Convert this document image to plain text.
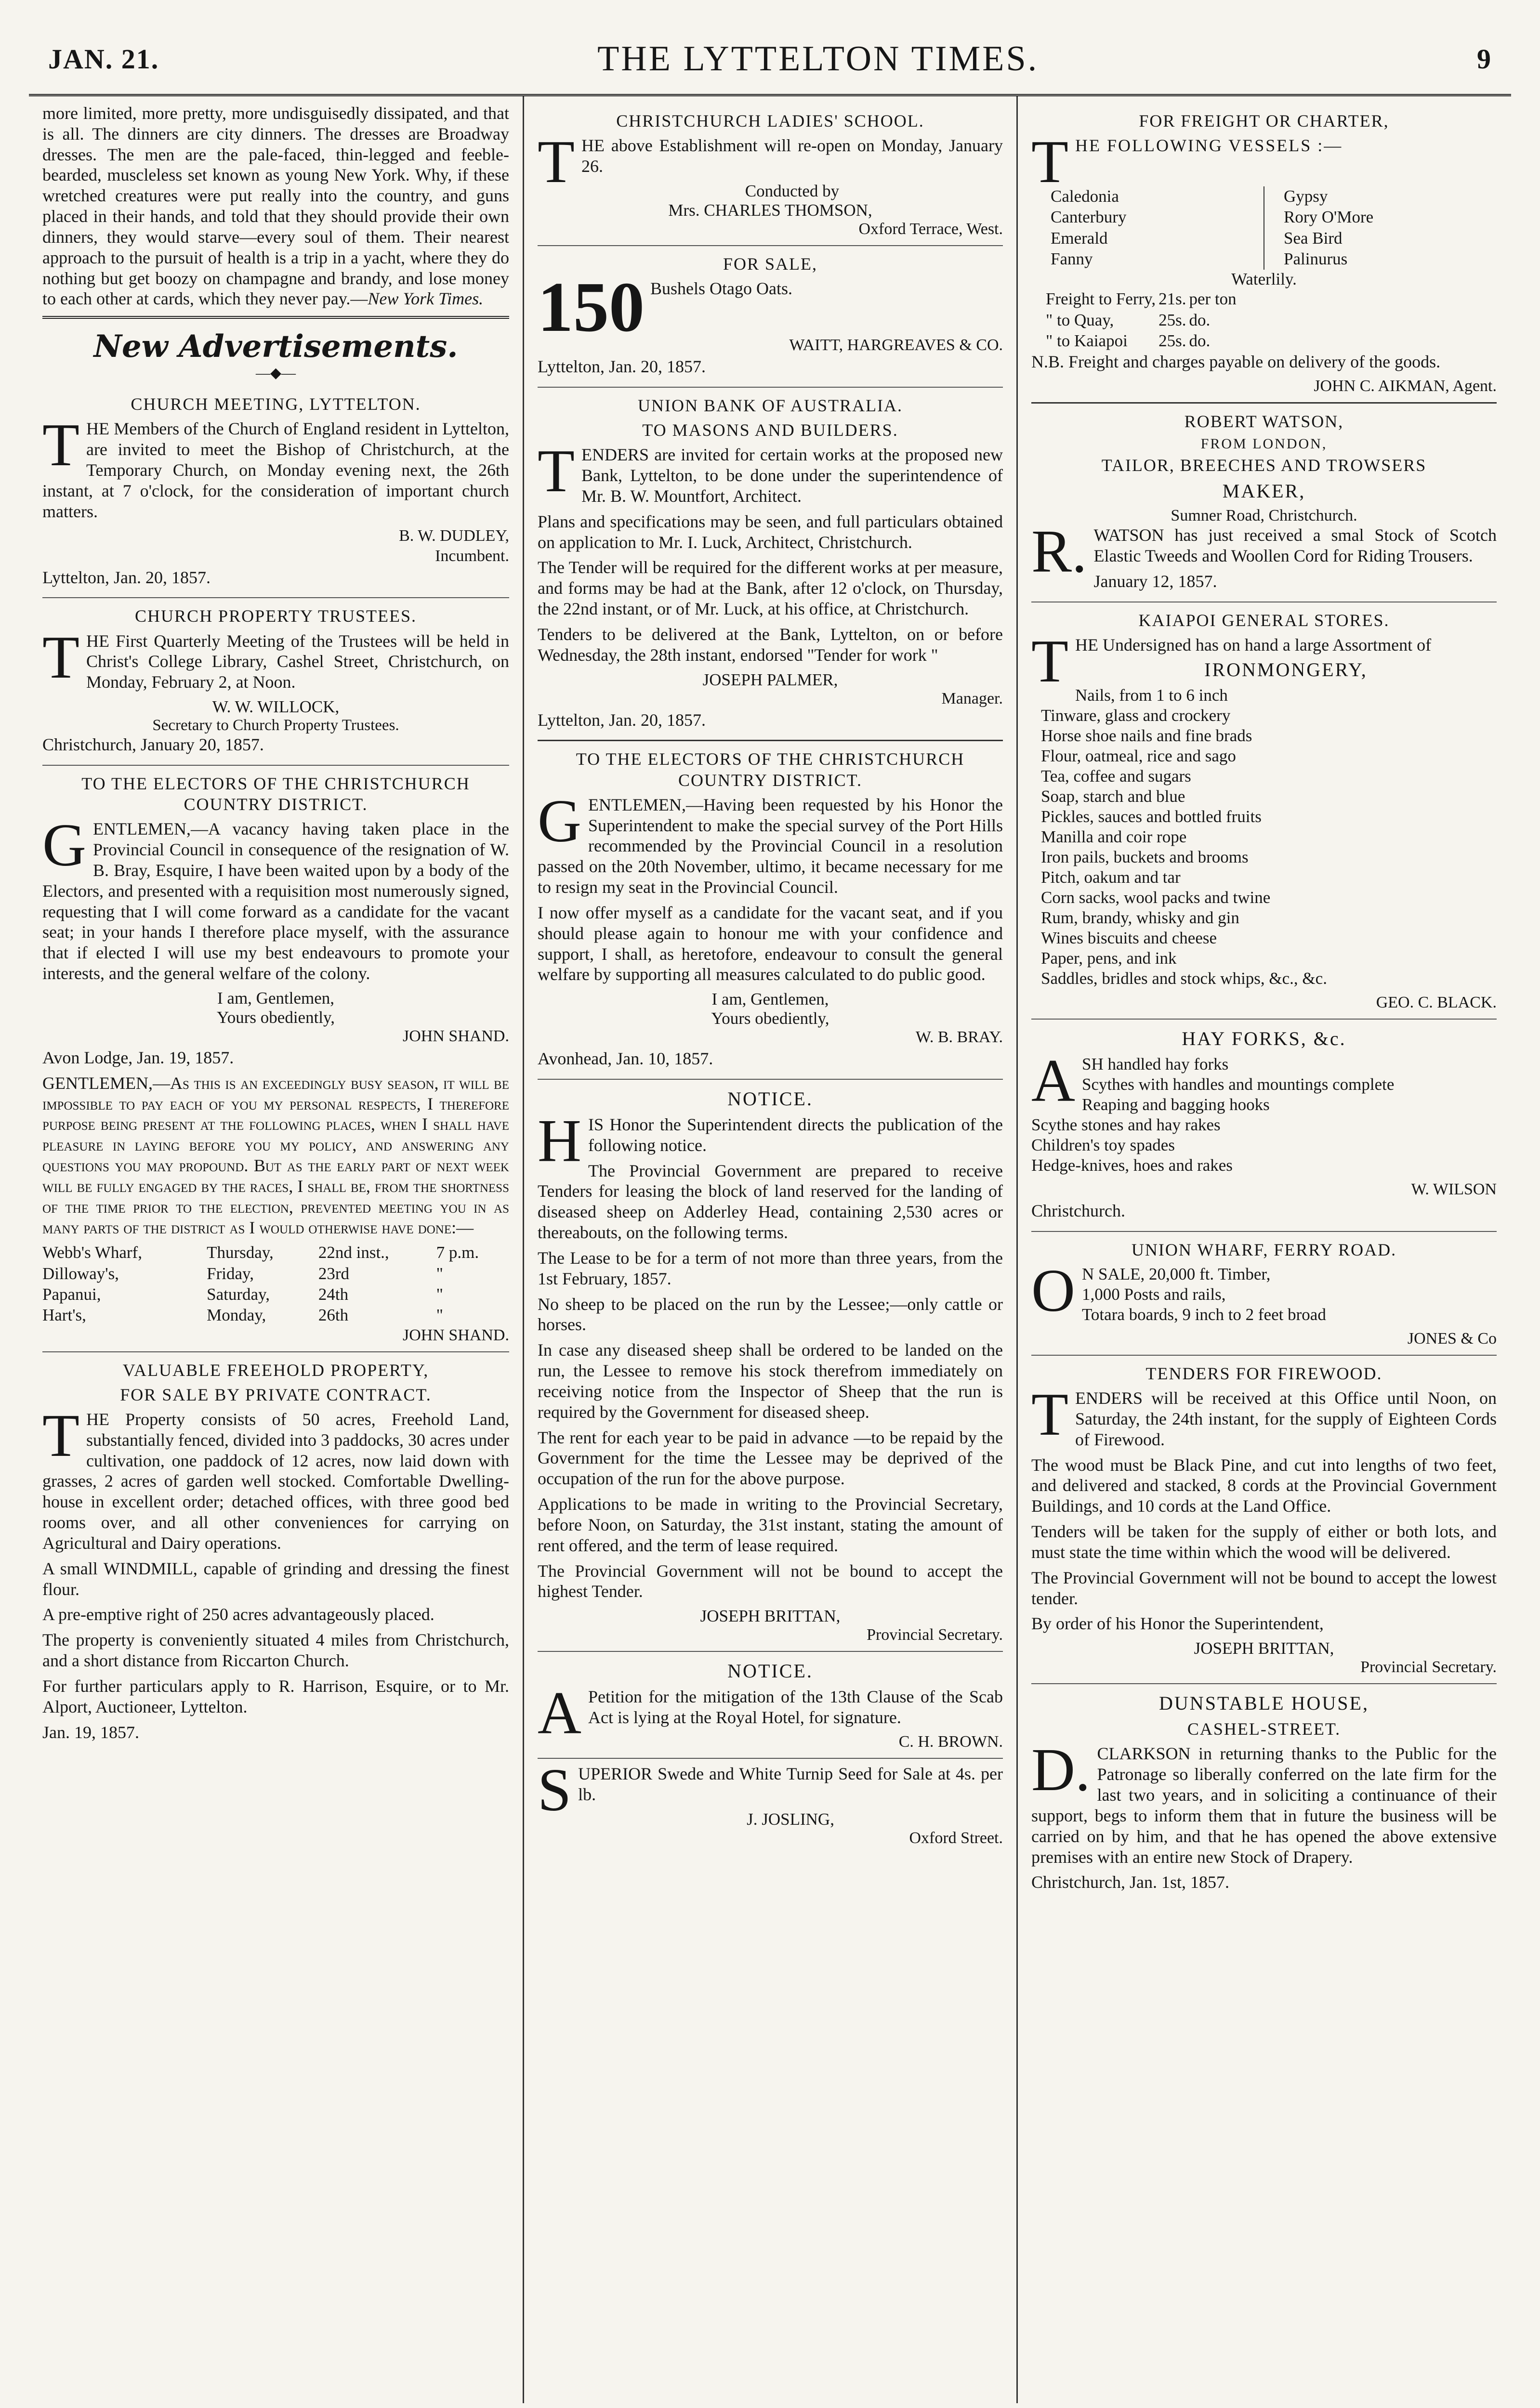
JAN. 21.	THE LYTTELTON TIMES.	9

more limited, more pretty, more undisguisedly dissipated, and that is all. The dinners are city dinners. The dresses are Broadway dresses. The men are the pale-faced, thin-legged and feeble-bearded, muscleless set known as young New York. Why, if these wretched creatures were put really into the country, and guns placed in their hands, and told that they should provide their own dinners, they would starve—every soul of them. Their nearest approach to the pursuit of health is a trip in a yacht, where they do nothing but get boozy on champagne and brandy, and lose money to each other at cards, which they never pay.—New York Times.

New Advertisements.
—◆—
CHURCH MEETING, LYTTELTON.

THE Members of the Church of England resident in Lyttelton, are invited to meet the Bishop of Christchurch, at the Temporary Church, on Monday evening next, the 26th instant, at 7 o'clock, for the consideration of important church matters.

B. W. DUDLEY,
Incumbent.

Lyttelton, Jan. 20, 1857.

CHURCH PROPERTY TRUSTEES.

THE First Quarterly Meeting of the Trustees will be held in Christ's College Library, Cashel Street, Christchurch, on Monday, February 2, at Noon.

W. W. WILLOCK,
Secretary to Church Property Trustees.

Christchurch, January 20, 1857.

TO THE ELECTORS OF THE CHRISTCHURCH COUNTRY DISTRICT.

GENTLEMEN,—A vacancy having taken place in the Provincial Council in consequence of the resignation of W. B. Bray, Esquire, I have been waited upon by a body of the Electors, and presented with a requisition most numerously signed, requesting that I will come forward as a candidate for the vacant seat; in your hands I therefore place myself, with the assurance that if elected I will use my best endeavours to promote your interests, and the general welfare of the colony.

I am, Gentlemen,
Yours obediently,
JOHN SHAND.

Avon Lodge, Jan. 19, 1857.

GENTLEMEN,—As this is an exceedingly busy season, it will be impossible to pay each of you my personal respects, I therefore purpose being present at the following places, when I shall have pleasure in laying before you my policy, and answering any questions you may propound. But as the early part of next week will be fully engaged by the races, I shall be, from the shortness of the time prior to the election, prevented meeting you in as many parts of the district as I would otherwise have done:—

Webb's Wharf,	Thursday,	22nd inst.,	7 p.m.
Dilloway's,	Friday,	23rd	"
Papanui,	Saturday,	24th	"
Hart's,	Monday,	26th	"
JOHN SHAND.
VALUABLE FREEHOLD PROPERTY,
FOR SALE BY PRIVATE CONTRACT.

THE Property consists of 50 acres, Freehold Land, substantially fenced, divided into 3 paddocks, 30 acres under cultivation, one paddock of 12 acres, now laid down with grasses, 2 acres of garden well stocked. Comfortable Dwelling-house in excellent order; detached offices, with three good bed rooms over, and all other conveniences for carrying on Agricultural and Dairy operations.

A small WINDMILL, capable of grinding and dressing the finest flour.

A pre-emptive right of 250 acres advantageously placed.

The property is conveniently situated 4 miles from Christchurch, and a short distance from Riccarton Church.

For further particulars apply to R. Harrison, Esquire, or to Mr. Alport, Auctioneer, Lyttelton.

Jan. 19, 1857.

CHRISTCHURCH LADIES' SCHOOL.

THE above Establishment will re-open on Monday, January 26.

Conducted by
Mrs. CHARLES THOMSON,
Oxford Terrace, West.
FOR SALE,

150 Bushels Otago Oats.

WAITT, HARGREAVES & CO.

Lyttelton, Jan. 20, 1857.

UNION BANK OF AUSTRALIA.
TO MASONS AND BUILDERS.

TENDERS are invited for certain works at the proposed new Bank, Lyttelton, to be done under the superintendence of Mr. B. W. Mountfort, Architect.

Plans and specifications may be seen, and full particulars obtained on application to Mr. I. Luck, Architect, Christchurch.

The Tender will be required for the different works at per measure, and forms may be had at the Bank, after 12 o'clock, on Thursday, the 22nd instant, or of Mr. Luck, at his office, at Christchurch.

Tenders to be delivered at the Bank, Lyttelton, on or before Wednesday, the 28th instant, endorsed "Tender for work "

JOSEPH PALMER,
Manager.

Lyttelton, Jan. 20, 1857.

TO THE ELECTORS OF THE CHRISTCHURCH COUNTRY DISTRICT.

GENTLEMEN,—Having been requested by his Honor the Superintendent to make the special survey of the Port Hills recommended by the Provincial Council in a resolution passed on the 20th November, ultimo, it became necessary for me to resign my seat in the Provincial Council.

I now offer myself as a candidate for the vacant seat, and if you should please again to honour me with your confidence and support, I shall, as heretofore, endeavour to consult the general welfare by supporting all measures calculated to do public good.

I am, Gentlemen,
Yours obediently,
W. B. BRAY.

Avonhead, Jan. 10, 1857.

NOTICE.

HIS Honor the Superintendent directs the publication of the following notice.

The Provincial Government are prepared to receive Tenders for leasing the block of land reserved for the landing of diseased sheep on Adderley Head, containing 2,530 acres or thereabouts, on the following terms.

The Lease to be for a term of not more than three years, from the 1st February, 1857.

No sheep to be placed on the run by the Lessee;—only cattle or horses.

In case any diseased sheep shall be ordered to be landed on the run, the Lessee to remove his stock therefrom immediately on receiving notice from the Inspector of Sheep that the run is required by the Government for diseased sheep.

The rent for each year to be paid in advance —to be repaid by the Government for the time the Lessee may be deprived of the occupation of the run for the above purpose.

Applications to be made in writing to the Provincial Secretary, before Noon, on Saturday, the 31st instant, stating the amount of rent offered, and the term of lease required.

The Provincial Government will not be bound to accept the highest Tender.

JOSEPH BRITTAN,
Provincial Secretary.
NOTICE.

A Petition for the mitigation of the 13th Clause of the Scab Act is lying at the Royal Hotel, for signature.

C. H. BROWN.

SUPERIOR Swede and White Turnip Seed for Sale at 4s. per lb.

J. JOSLING,
Oxford Street.
FOR FREIGHT OR CHARTER,

THE FOLLOWING VESSELS :—

Caledonia	Gypsy
Canterbury	Rory O'More
Emerald	Sea Bird
Fanny	Palinurus
Waterlily.
Freight to Ferry,	21s.	per ton
" to Quay,	25s.	do.
" to Kaiapoi	25s.	do.

N.B. Freight and charges payable on delivery of the goods.

JOHN C. AIKMAN, Agent.
ROBERT WATSON,
FROM LONDON,
TAILOR, BREECHES AND TROWSERS
MAKER,
Sumner Road, Christchurch.

R. WATSON has just received a smal Stock of Scotch Elastic Tweeds and Woollen Cord for Riding Trousers.

January 12, 1857.

KAIAPOI GENERAL STORES.

THE Undersigned has on hand a large Assortment of

IRONMONGERY,
Nails, from 1 to 6 inch
Tinware, glass and crockery
Horse shoe nails and fine brads
Flour, oatmeal, rice and sago
Tea, coffee and sugars
Soap, starch and blue
Pickles, sauces and bottled fruits
Manilla and coir rope
Iron pails, buckets and brooms
Pitch, oakum and tar
Corn sacks, wool packs and twine
Rum, brandy, whisky and gin
Wines biscuits and cheese
Paper, pens, and ink
Saddles, bridles and stock whips, &c., &c.
GEO. C. BLACK.
HAY FORKS, &c.
A SH handled hay forks
Scythes with handles and mountings complete
Reaping and bagging hooks
Scythe stones and hay rakes
Children's toy spades
Hedge-knives, hoes and rakes
W. WILSON

Christchurch.

UNION WHARF, FERRY ROAD.
O N SALE, 20,000 ft. Timber,
1,000 Posts and rails,
Totara boards, 9 inch to 2 feet broad
JONES & Co
TENDERS FOR FIREWOOD.

TENDERS will be received at this Office until Noon, on Saturday, the 24th instant, for the supply of Eighteen Cords of Firewood.

The wood must be Black Pine, and cut into lengths of two feet, and delivered and stacked, 8 cords at the Provincial Government Buildings, and 10 cords at the Land Office.

Tenders will be taken for the supply of either or both lots, and must state the time within which the wood will be delivered.

The Provincial Government will not be bound to accept the lowest tender.

By order of his Honor the Superintendent,

JOSEPH BRITTAN,
Provincial Secretary.
DUNSTABLE HOUSE,
CASHEL-STREET.

D. CLARKSON in returning thanks to the Public for the Patronage so liberally conferred on the late firm for the last two years, and in soliciting a continuance of their support, begs to inform them that in future the business will be carried on by him, and that he has opened the above extensive premises with an entire new Stock of Drapery.

Christchurch, Jan. 1st, 1857.
